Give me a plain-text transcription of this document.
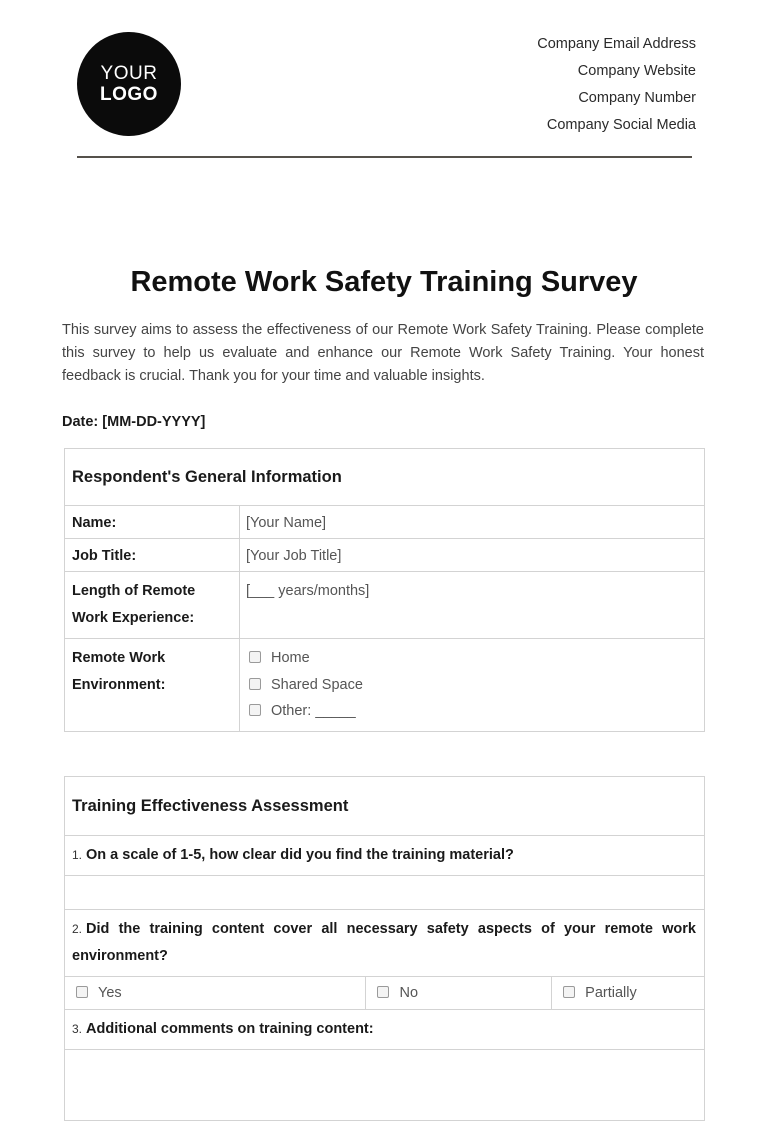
YOUR
LOGO
Company Email Address
Company Website
Company Number
Company Social Media
Remote Work Safety Training Survey
This survey aims to assess the effectiveness of our Remote Work Safety Training. Please complete this survey to help us evaluate and enhance our Remote Work Safety Training. Your honest feedback is crucial. Thank you for your time and valuable insights.
Date: [MM-DD-YYYY]
Respondent's General Information	
Name:	[Your Name]
Job Title:	[Your Job Title]
Length of Remote Work Experience:	[___ years/months]
Remote Work Environment:	Home
Shared Space
Other: _____
Training Effectiveness Assessment
1. On a scale of 1-5, how clear did you find the training material?

2. Did the training content cover all necessary safety aspects of your remote work environment?
Yes	No	Partially
3. Additional comments on training content:
